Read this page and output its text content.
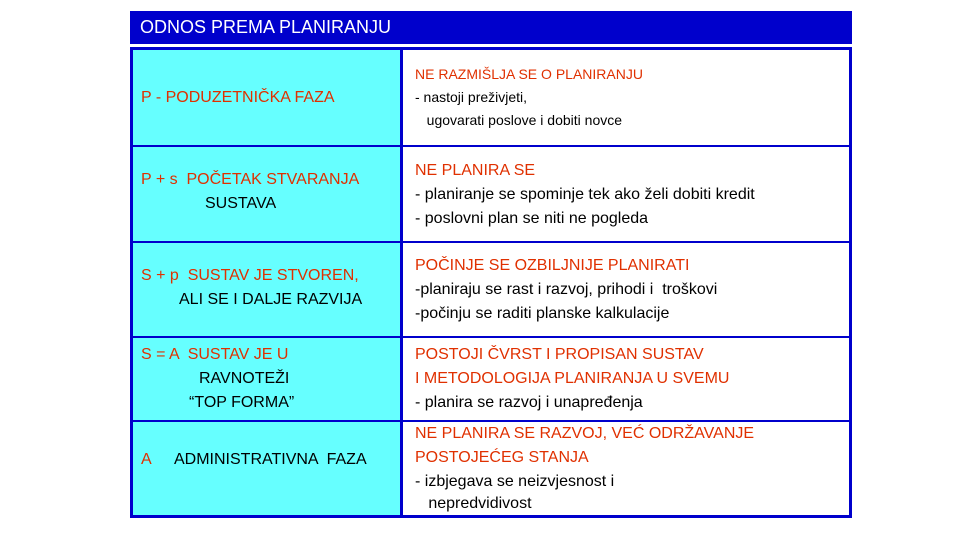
ODNOS PREMA PLANIRANJU
P - PODUZETNIČKA FAZA
NE RAZMIŠLJA SE O PLANIRANJU
- nastoji preživjeti,
ugovarati poslove i dobiti novce
P + s  POČETAK STVARANJA
SUSTAVA
NE PLANIRA SE
- planiranje se spominje tek ako želi dobiti kredit
- poslovni plan se niti ne pogleda
S + p  SUSTAV JE STVOREN,
ALI SE I DALJE RAZVIJA
POČINJE SE OZBILJNIJE PLANIRATI
-planiraju se rast i razvoj, prihodi i  troškovi
-počinju se raditi planske kalkulacije
S = A  SUSTAV JE U
RAVNOTEŽI
“TOP FORMA”
POSTOJI ČVRST I PROPISAN SUSTAV
I METODOLOGIJA PLANIRANJA U SVEMU
- planira se razvoj i unapređenja
A ADMINISTRATIVNA  FAZA
NE PLANIRA SE RAZVOJ, VEĆ ODRŽAVANJE
POSTOJEĆEG STANJA
- izbjegava se neizvjesnost i
nepredvidivost
